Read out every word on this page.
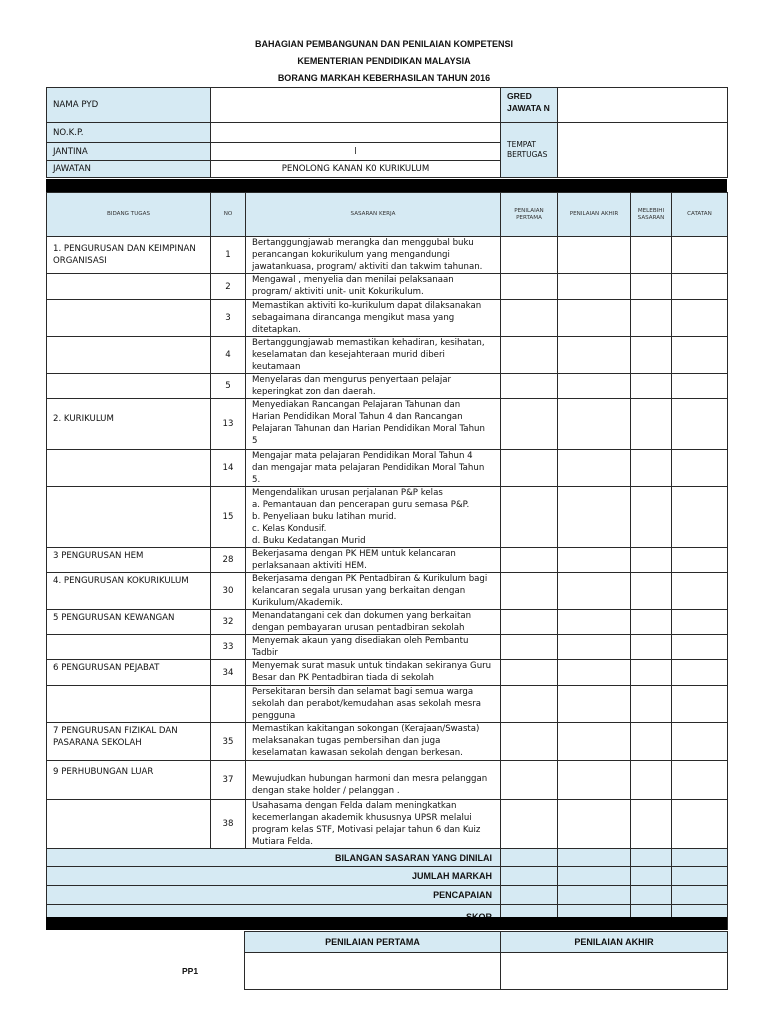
BAHAGIAN PEMBANGUNAN DAN PENILAIAN KOMPETENSI
KEMENTERIAN PENDIDIKAN MALAYSIA
BORANG MARKAH KEBERHASILAN TAHUN 2016
NAMA PYD		GRED JAWATA N	
NO.K.P.		TEMPAT BERTUGAS	
JANTINA	l		
JAWATAN	PENOLONG KANAN K0 KURIKULUM		
BIDANG TUGAS	NO	SASARAN KERJA	PENILAIAN PERTAMA	PENILAIAN AKHIR	MELEBIHI SASARAN	CATATAN
1. PENGURUSAN DAN KEIMPINAN ORGANISASI	1	Bertanggungjawab merangka dan menggubal buku
perancangan kokurikulum yang mengandungi
jawatankuasa, program/ aktiviti dan takwim tahunan.				

	2	Mengawal , menyelia dan menilai pelaksanaan
program/ aktiviti unit- unit Kokurikulum.				

	3	Memastikan aktiviti ko-kurikulum dapat dilaksanakan
sebagaimana dirancanga mengikut masa yang
ditetapkan.				

	4	Bertanggungjawab memastikan kehadiran, kesihatan,
keselamatan dan kesejahteraan murid diberi
keutamaan				

	5	Menyelaras dan mengurus penyertaan pelajar
keperingkat zon dan daerah.				

2. KURIKULUM	13	Menyediakan Rancangan Pelajaran Tahunan dan
Harian Pendidikan Moral Tahun 4 dan Rancangan
Pelajaran Tahunan dan Harian Pendidikan Moral Tahun
5				

	14	Mengajar mata pelajaran Pendidikan Moral Tahun 4
dan mengajar mata pelajaran Pendidikan Moral Tahun
5.				

	15	Mengendalikan urusan perjalanan P&P kelas
a. Pemantauan dan pencerapan guru semasa P&P.
b. Penyeliaan buku latihan murid.
c. Kelas Kondusif.
d. Buku Kedatangan Murid				

3 PENGURUSAN HEM	28	Bekerjasama dengan PK HEM untuk kelancaran
perlaksanaan aktiviti HEM.				

4. PENGURUSAN KOKURIKULUM	30	Bekerjasama dengan PK Pentadbiran & Kurikulum bagi
kelancaran segala urusan yang berkaitan dengan
Kurikulum/Akademik.				

5 PENGURUSAN KEWANGAN	32	Menandatangani cek dan dokumen yang berkaitan
dengan pembayaran urusan pentadbiran sekolah				

	33	Menyemak akaun yang disediakan oleh Pembantu
Tadbir				

6 PENGURUSAN PEJABAT	34	Menyemak surat masuk untuk tindakan sekiranya Guru
Besar dan PK Pentadbiran tiada di sekolah				

		Persekitaran bersih dan selamat bagi semua warga
sekolah dan perabot/kemudahan asas sekolah mesra
pengguna				

7 PENGURUSAN FIZIKAL DAN PASARANA SEKOLAH	35	Memastikan kakitangan sokongan (Kerajaan/Swasta)
melaksanakan tugas pembersihan dan juga
keselamatan kawasan sekolah dengan berkesan.				

9 PERHUBUNGAN LUAR	37	Mewujudkan hubungan harmoni dan mesra pelanggan
dengan stake holder / pelanggan .				

	38	Usahasama dengan Felda dalam meningkatkan
kecemerlangan akademik khususnya UPSR melalui
program kelas STF, Motivasi pelajar tahun 6 dan Kuiz
Mutiara Felda.				

BILANGAN SASARAN YANG DINILAI						
JUMLAH MARKAH						
PENCAPAIAN						

PENILAIAN PERTAMA	PENILAIAN AKHIR

PP1
